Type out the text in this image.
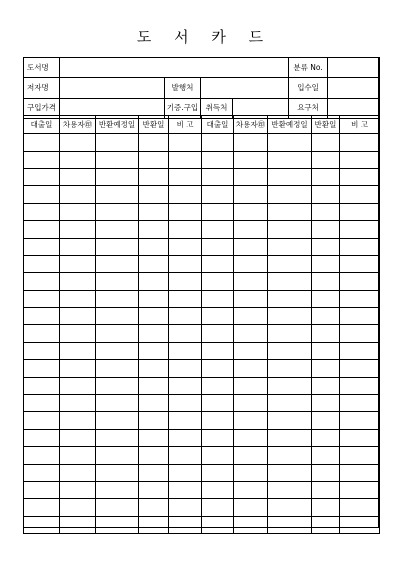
도 서 카 드
도서명					분류 No.	
저자명		발행처			입수일	
구입가격		기증.구입	취득처		요구처	
대출일	차용자㊞	반환예정일	반환일	비 고	대출일	차용자㊞	반환예정일	반환일	비 고
